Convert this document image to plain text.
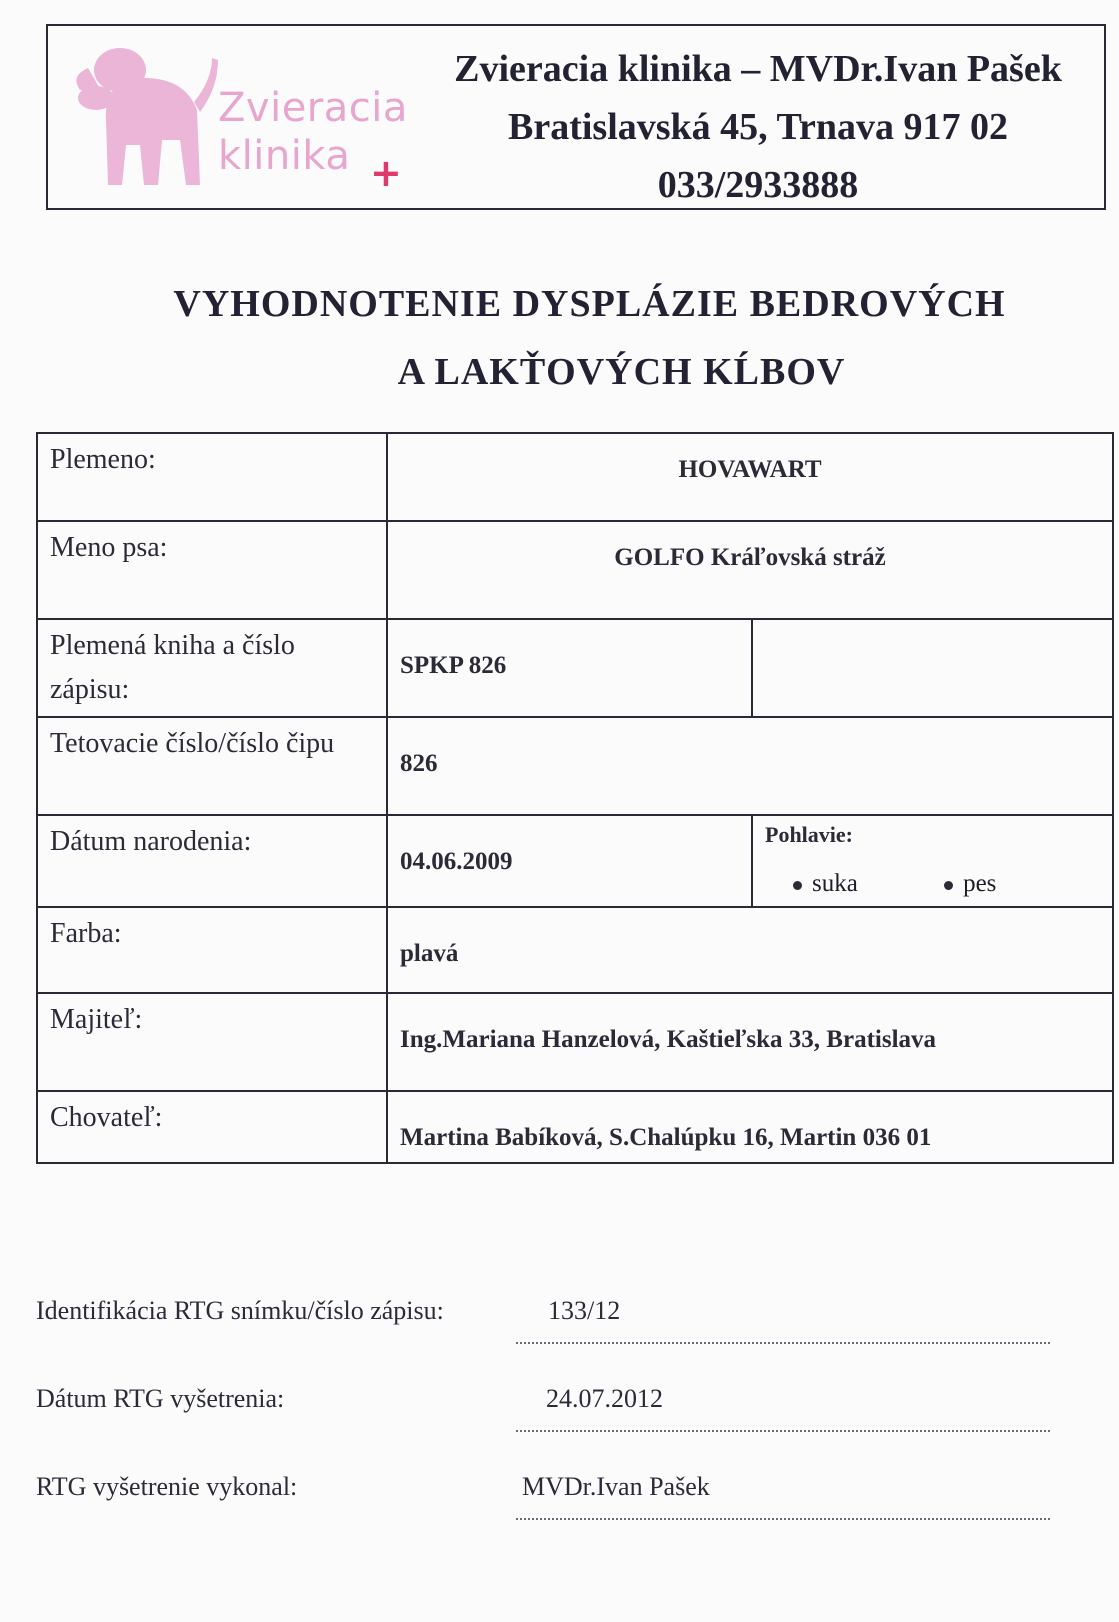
Zvieracia
klinika +
Zvieracia klinika – MVDr.Ivan Pašek
Bratislavská 45, Trnava 917 02
033/2933888
VYHODNOTENIE DYSPLÁZIE BEDROVÝCH
A LAKŤOVÝCH KĹBOV
Plemeno:	HOVAWART	
Meno psa:	GOLFO Kráľovská stráž	
Plemená kniha a číslo zápisu:	SPKP 826	
Tetovacie číslo/číslo čipu	826	
Dátum narodenia:	04.06.2009	Pohlavie:
suka pes

Farba:	plavá	
Majiteľ:	Ing.Mariana Hanzelová, Kaštieľska 33, Bratislava	
Chovateľ:	Martina Babíková, S.Chalúpku 16, Martin 036 01	
Identifikácia RTG snímku/číslo zápisu:	133/12
Dátum RTG vyšetrenia:	24.07.2012
RTG vyšetrenie vykonal:	MVDr.Ivan Pašek
